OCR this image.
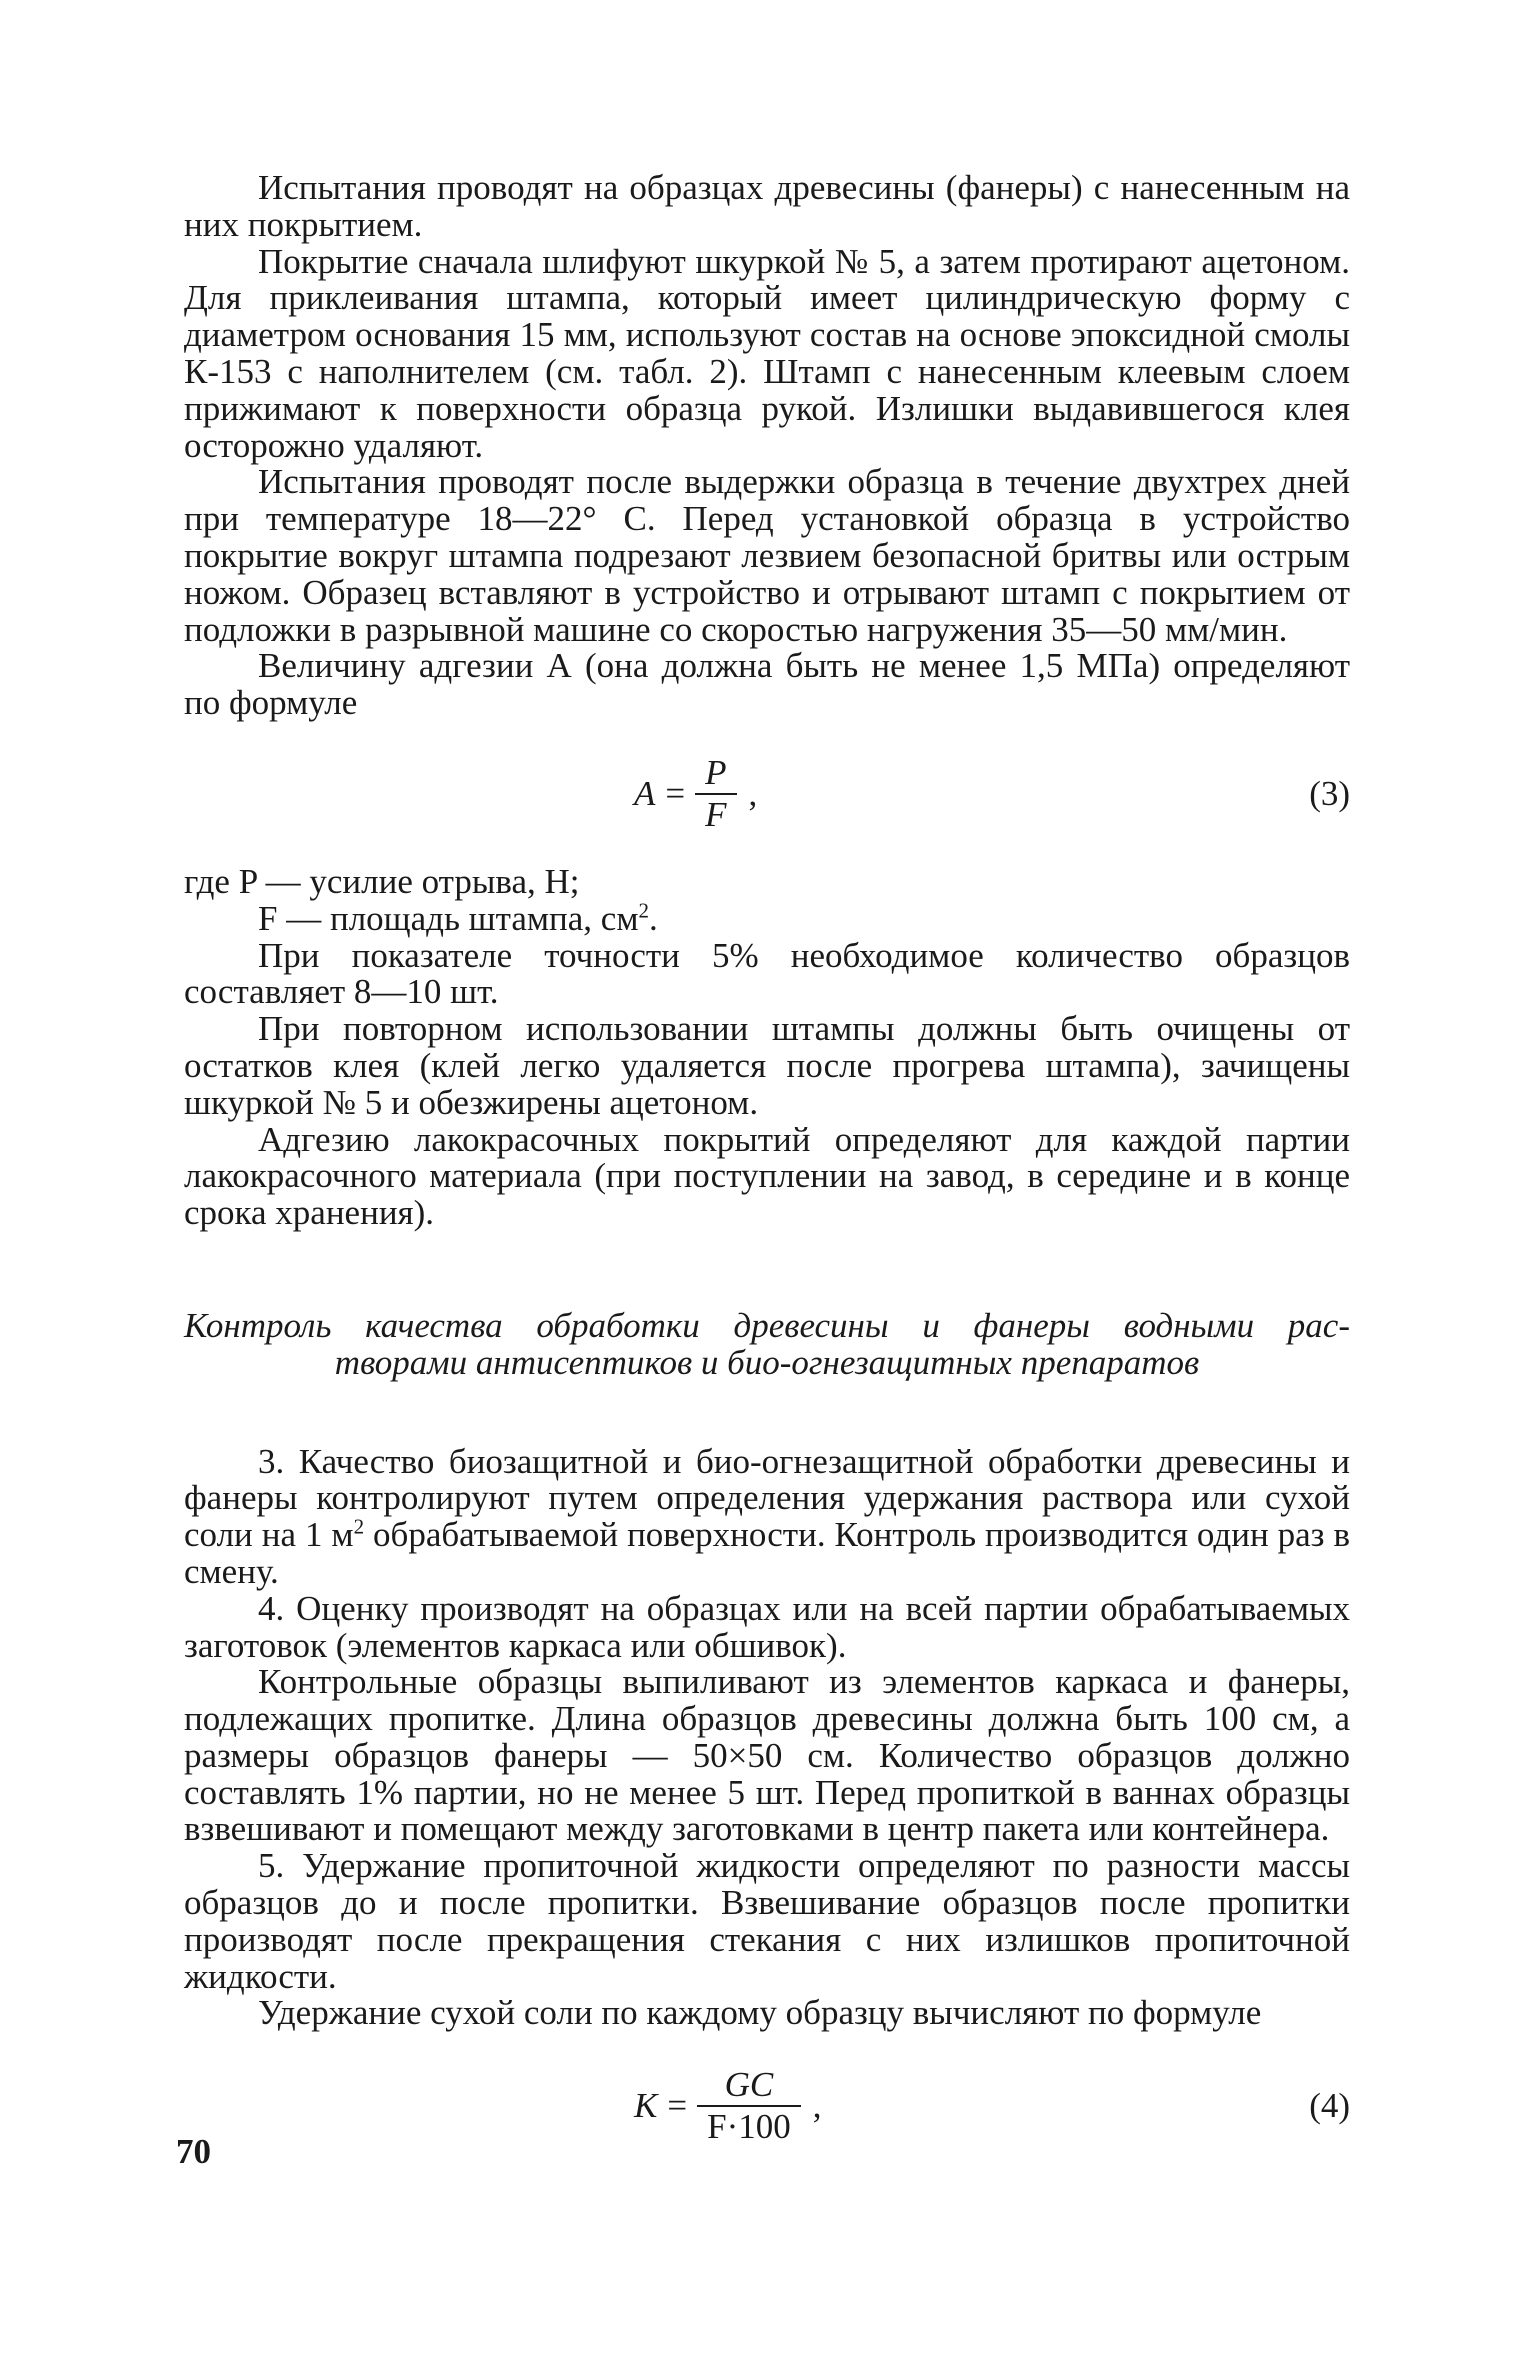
Испытания проводят на образцах древесины (фанеры) с нанесенным на них покрытием.

Покрытие сначала шлифуют шкуркой № 5, а затем протирают ацетоном. Для приклеивания штампа, который имеет цилиндрическую форму с диаметром основания 15 мм, используют состав на основе эпоксидной смолы К-153 с наполнителем (см. табл. 2). Штамп с нанесенным клеевым слоем прижимают к поверхности образца рукой. Излишки выдавившегося клея осторожно удаляют.

Испытания проводят после выдержки образца в течение двухтрех дней при температуре 18—22° С. Перед установкой образца в устройство покрытие вокруг штампа подрезают лезвием безопасной бритвы или острым ножом. Образец вставляют в устройство и отрывают штамп с покрытием от подложки в разрывной машине со скоростью нагружения 35—50 мм/мин.

Величину адгезии А (она должна быть не менее 1,5 МПа) определяют по формуле

$A = \frac{P}{F}$ ,	(3)
где P — усилие отрыва, Н;
F — площадь штампа, $см^2$.

При показателе точности 5% необходимое количество образцов составляет 8—10 шт.

При повторном использовании штампы должны быть очищены от остатков клея (клей легко удаляется после прогрева штампа), зачищены шкуркой № 5 и обезжирены ацетоном.

Адгезию лакокрасочных покрытий определяют для каждой партии лакокрасочного материала (при поступлении на завод, в середине и в конце срока хранения).

Контроль качества обработки древесины и фанеры водными рас-
творами антисептиков и био-огнезащитных препаратов

3. Качество биозащитной и био-огнезащитной обработки древесины и фанеры контролируют путем определения удержания раствора или сухой соли на 1 $м^2$ обрабатываемой поверхности. Контроль производится один раз в смену.

4. Оценку производят на образцах или на всей партии обрабатываемых заготовок (элементов каркаса или обшивок).

Контрольные образцы выпиливают из элементов каркаса и фанеры, подлежащих пропитке. Длина образцов древесины должна быть 100 см, а размеры образцов фанеры — 50×50 см. Количество образцов должно составлять 1% партии, но не менее 5 шт. Перед пропиткой в ваннах образцы взвешивают и помещают между заготовками в центр пакета или контейнера.

5. Удержание пропиточной жидкости определяют по разности массы образцов до и после пропитки. Взвешивание образцов после пропитки производят после прекращения стекания с них излишков пропиточной жидкости.

Удержание сухой соли по каждому образцу вычисляют по формуле

$K = \frac{GC}{F\cdot 100}$ ,	(4)
70
